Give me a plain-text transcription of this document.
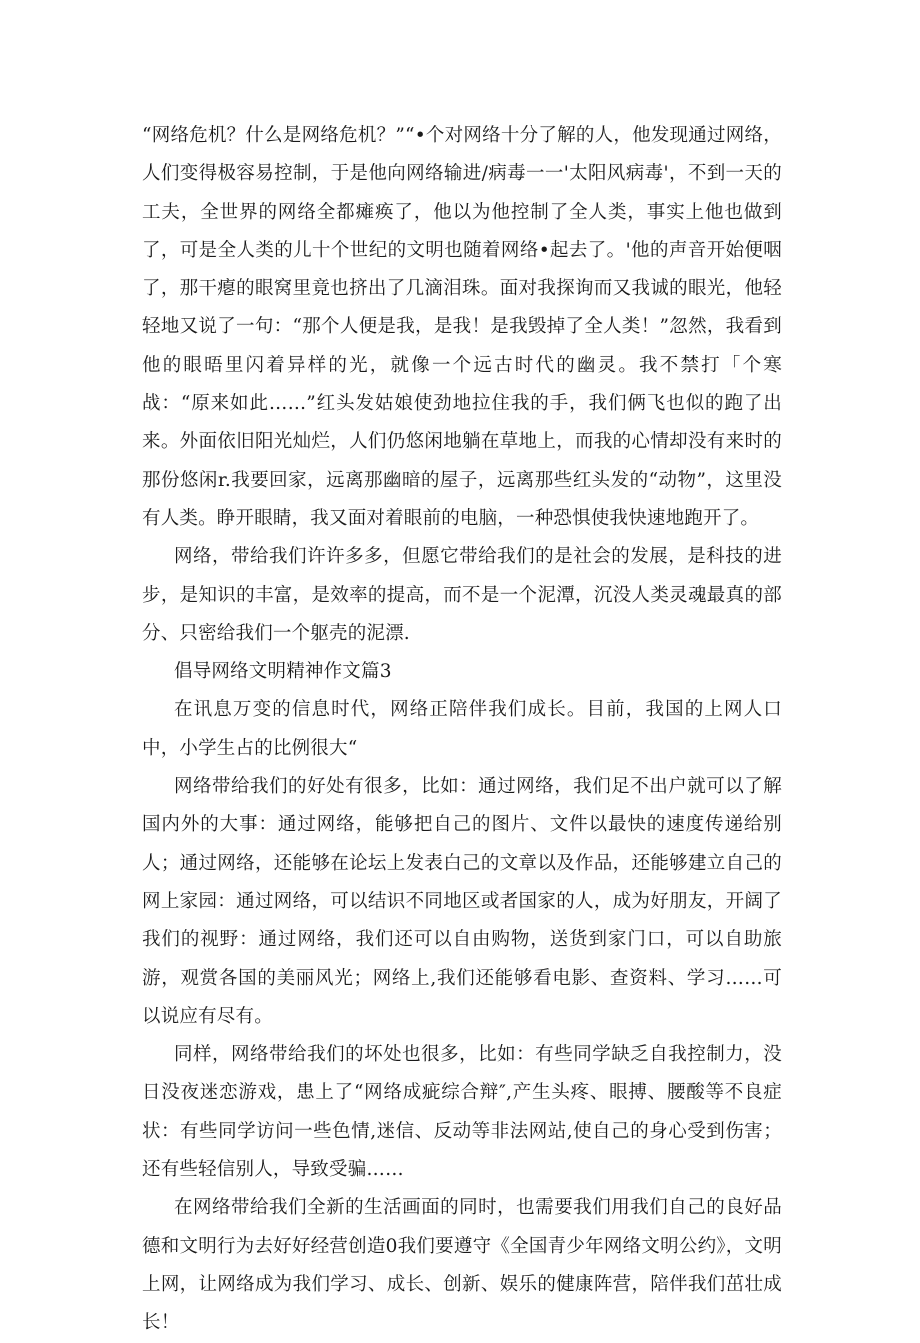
“网络危机？什么是网络危机？”“•个对网络十分了解的人，他发现通过网络，人们变得极容易控制，于是他向网络输进/病毒一一'太阳风病毒'，不到一天的工夫，全世界的网络全都瘫痪了，他以为他控制了全人类，事实上他也做到了，可是全人类的儿十个世纪的文明也随着网络•起去了。'他的声音开始便咽了，那干瘪的眼窝里竟也挤出了几滴泪珠。面对我探询而又我诚的眼光，他轻轻地又说了一句：“那个人便是我，是我！是我毁掉了全人类！”忽然，我看到他的眼晤里闪着异样的光，就像一个远古时代的幽灵。我不禁打「个寒战：“原来如此……”红头发姑娘使劲地拉住我的手，我们俩飞也似的跑了出来。外面依旧阳光灿烂，人们仍悠闲地躺在草地上，而我的心情却没有来时的那份悠闲r.我要回家，远离那幽暗的屋子，远离那些红头发的“动物”，这里没有人类。睁开眼睛，我又面对着眼前的电脑，一种恐惧使我快速地跑开了。

网络，带给我们许许多多，但愿它带给我们的是社会的发展，是科技的进步，是知识的丰富，是效率的提高，而不是一个泥潭，沉没人类灵魂最真的部分、只密给我们一个躯壳的泥漂.

倡导网络文明精神作文篇3

在讯息万变的信息时代，网络正陪伴我们成长。目前，我国的上网人口中，小学生占的比例很大“

网络带给我们的好处有很多，比如：通过网络，我们足不出户就可以了解国内外的大事：通过网络，能够把自己的图片、文件以最快的速度传递给别人；通过网络，还能够在论坛上发表白己的文章以及作品，还能够建立自己的网上家园：通过网络，可以结识不同地区或者国家的人，成为好朋友，开阔了我们的视野：通过网络，我们还可以自由购物，送货到家门口，可以自助旅游，观赏各国的美丽风光；网络上,我们还能够看电影、查资料、学习……可以说应有尽有。

同样，网络带给我们的坏处也很多，比如：有些同学缺乏自我控制力，没日没夜迷恋游戏，患上了“网络成疵综合辩″,产生头疼、眼搏、腰酸等不良症状：有些同学访问一些色情,迷信、反动等非法网站,使自己的身心受到伤害；还有些轻信别人，导致受骗……

在网络带给我们全新的生活画面的同时，也需要我们用我们自己的良好品德和文明行为去好好经营创造0我们要遵守《全国青少年网络文明公约》，文明上网，让网络成为我们学习、成长、创新、娱乐的健康阵营，陪伴我们茁壮成长！
